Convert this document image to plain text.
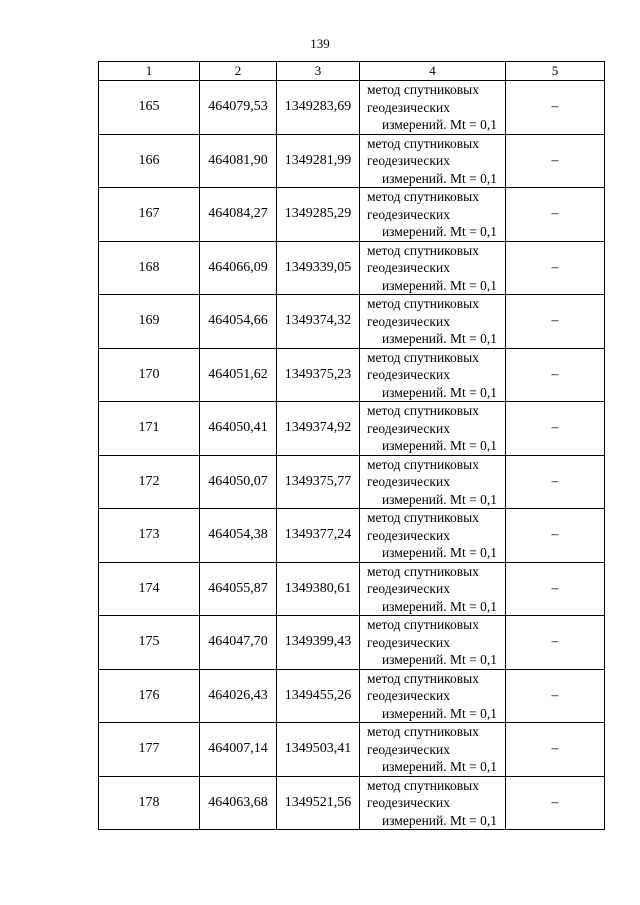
139
1	2	3	4	5
165	464079,53	1349283,69	метод спутниковых
геодезических
измерений. Mt = 0,1	–
166	464081,90	1349281,99	метод спутниковых
геодезических
измерений. Mt = 0,1	–
167	464084,27	1349285,29	метод спутниковых
геодезических
измерений. Mt = 0,1	–
168	464066,09	1349339,05	метод спутниковых
геодезических
измерений. Mt = 0,1	–
169	464054,66	1349374,32	метод спутниковых
геодезических
измерений. Mt = 0,1	–
170	464051,62	1349375,23	метод спутниковых
геодезических
измерений. Mt = 0,1	–
171	464050,41	1349374,92	метод спутниковых
геодезических
измерений. Mt = 0,1	–
172	464050,07	1349375,77	метод спутниковых
геодезических
измерений. Mt = 0,1	–
173	464054,38	1349377,24	метод спутниковых
геодезических
измерений. Mt = 0,1	–
174	464055,87	1349380,61	метод спутниковых
геодезических
измерений. Mt = 0,1	–
175	464047,70	1349399,43	метод спутниковых
геодезических
измерений. Mt = 0,1	–
176	464026,43	1349455,26	метод спутниковых
геодезических
измерений. Mt = 0,1	–
177	464007,14	1349503,41	метод спутниковых
геодезических
измерений. Mt = 0,1	–
178	464063,68	1349521,56	метод спутниковых
геодезических
измерений. Mt = 0,1	–
